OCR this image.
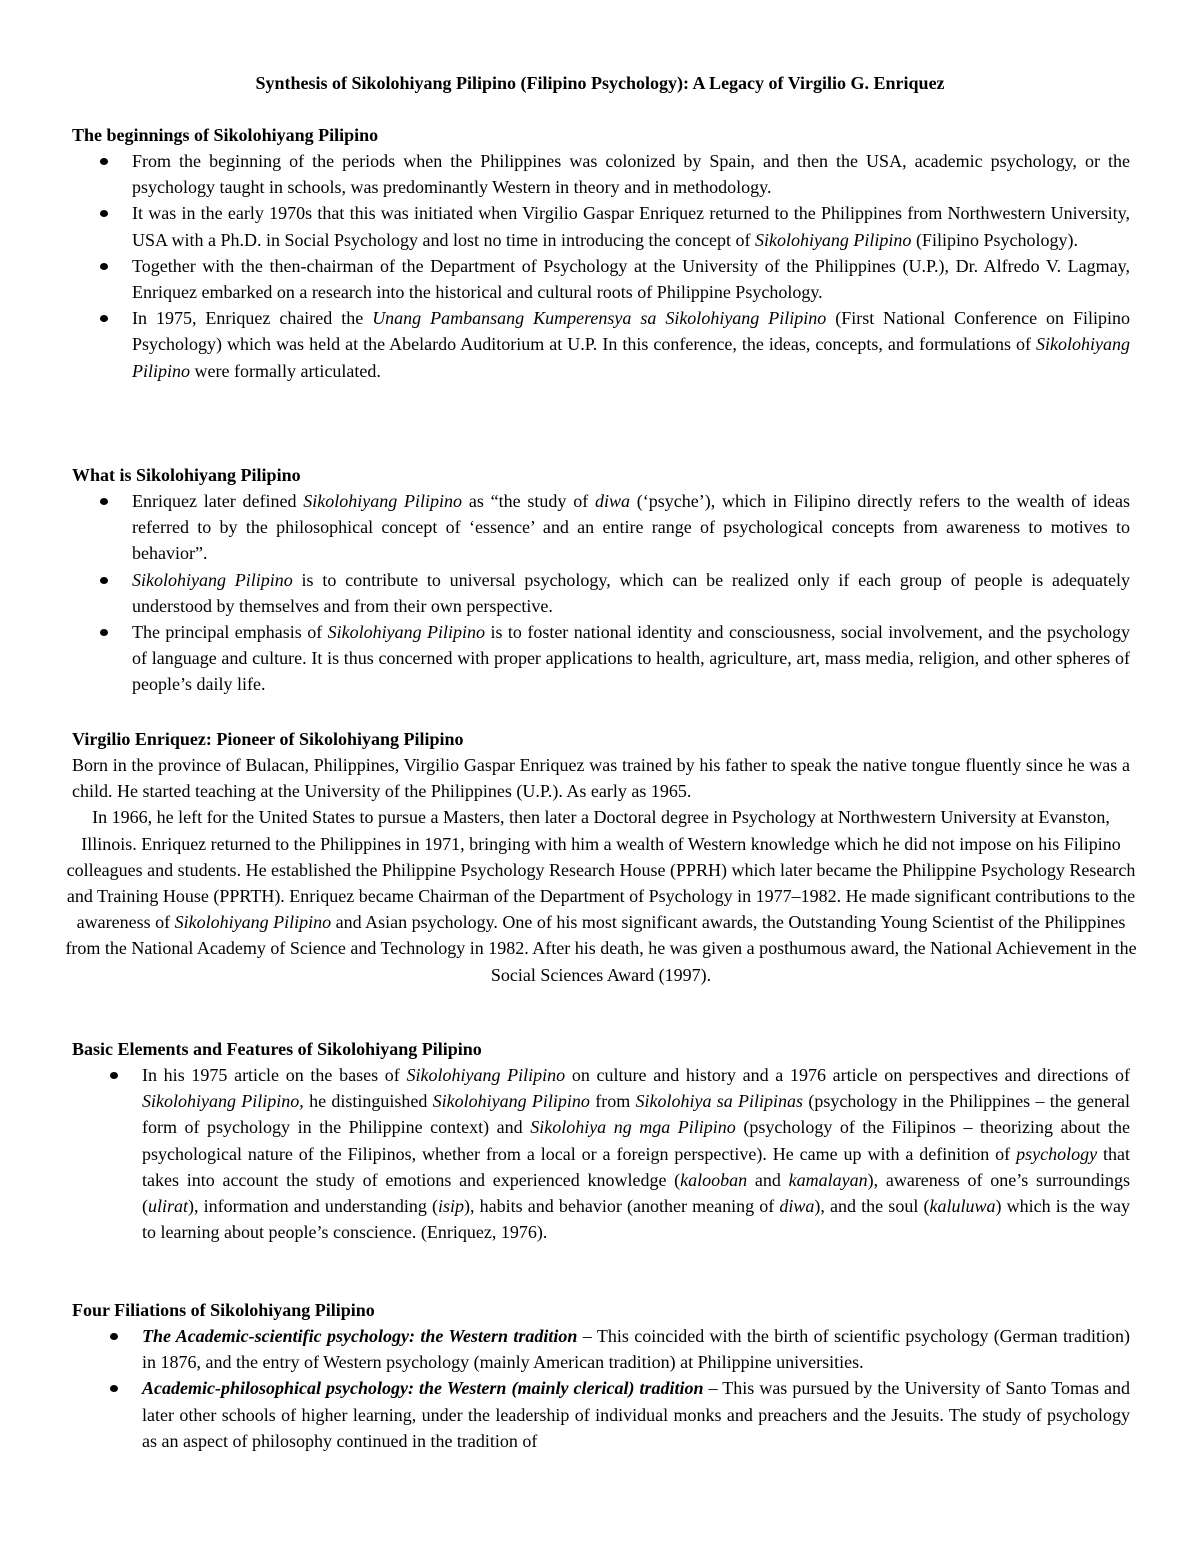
Synthesis of Sikolohiyang Pilipino (Filipino Psychology): A Legacy of Virgilio G. Enriquez

The beginnings of Sikolohiyang Pilipino

From the beginning of the periods when the Philippines was colonized by Spain, and then the USA, academic psychology, or the psychology taught in schools, was predominantly Western in theory and in methodology.
It was in the early 1970s that this was initiated when Virgilio Gaspar Enriquez returned to the Philippines from Northwestern University, USA with a Ph.D. in Social Psychology and lost no time in introducing the concept of Sikolohiyang Pilipino (Filipino Psychology).
Together with the then-chairman of the Department of Psychology at the University of the Philippines (U.P.), Dr. Alfredo V. Lagmay, Enriquez embarked on a research into the historical and cultural roots of Philippine Psychology.
In 1975, Enriquez chaired the Unang Pambansang Kumperensya sa Sikolohiyang Pilipino (First National Conference on Filipino Psychology) which was held at the Abelardo Auditorium at U.P. In this conference, the ideas, concepts, and formulations of Sikolohiyang Pilipino were formally articulated.

What is Sikolohiyang Pilipino

Enriquez later defined Sikolohiyang Pilipino as “the study of diwa (‘psyche’), which in Filipino directly refers to the wealth of ideas referred to by the philosophical concept of ‘essence’ and an entire range of psychological concepts from awareness to motives to behavior”.
Sikolohiyang Pilipino is to contribute to universal psychology, which can be realized only if each group of people is adequately understood by themselves and from their own perspective.
The principal emphasis of Sikolohiyang Pilipino is to foster national identity and consciousness, social involvement, and the psychology of language and culture. It is thus concerned with proper applications to health, agriculture, art, mass media, religion, and other spheres of people’s daily life.

Virgilio Enriquez: Pioneer of Sikolohiyang Pilipino

Born in the province of Bulacan, Philippines, Virgilio Gaspar Enriquez was trained by his father to speak the native tongue fluently since he was a child. He started teaching at the University of the Philippines (U.P.). As early as 1965.

In 1966, he left for the United States to pursue a Masters, then later a Doctoral degree in Psychology at Northwestern University at Evanston, Illinois. Enriquez returned to the Philippines in 1971, bringing with him a wealth of Western knowledge which he did not impose on his Filipino colleagues and students. He established the Philippine Psychology Research House (PPRH) which later became the Philippine Psychology Research and Training House (PPRTH). Enriquez became Chairman of the Department of Psychology in 1977–1982. He made significant contributions to the awareness of Sikolohiyang Pilipino and Asian psychology. One of his most significant awards, the Outstanding Young Scientist of the Philippines from the National Academy of Science and Technology in 1982. After his death, he was given a posthumous award, the National Achievement in the Social Sciences Award (1997).

Basic Elements and Features of Sikolohiyang Pilipino

In his 1975 article on the bases of Sikolohiyang Pilipino on culture and history and a 1976 article on perspectives and directions of Sikolohiyang Pilipino, he distinguished Sikolohiyang Pilipino from Sikolohiya sa Pilipinas (psychology in the Philippines – the general form of psychology in the Philippine context) and Sikolohiya ng mga Pilipino (psychology of the Filipinos – theorizing about the psychological nature of the Filipinos, whether from a local or a foreign perspective). He came up with a definition of psychology that takes into account the study of emotions and experienced knowledge (kalooban and kamalayan), awareness of one’s surroundings (ulirat), information and understanding (isip), habits and behavior (another meaning of diwa), and the soul (kaluluwa) which is the way to learning about people’s conscience. (Enriquez, 1976).

Four Filiations of Sikolohiyang Pilipino

The Academic-scientific psychology: the Western tradition – This coincided with the birth of scientific psychology (German tradition) in 1876, and the entry of Western psychology (mainly American tradition) at Philippine universities.
Academic-philosophical psychology: the Western (mainly clerical) tradition – This was pursued by the University of Santo Tomas and later other schools of higher learning, under the leadership of individual monks and preachers and the Jesuits. The study of psychology as an aspect of philosophy continued in the tradition of
